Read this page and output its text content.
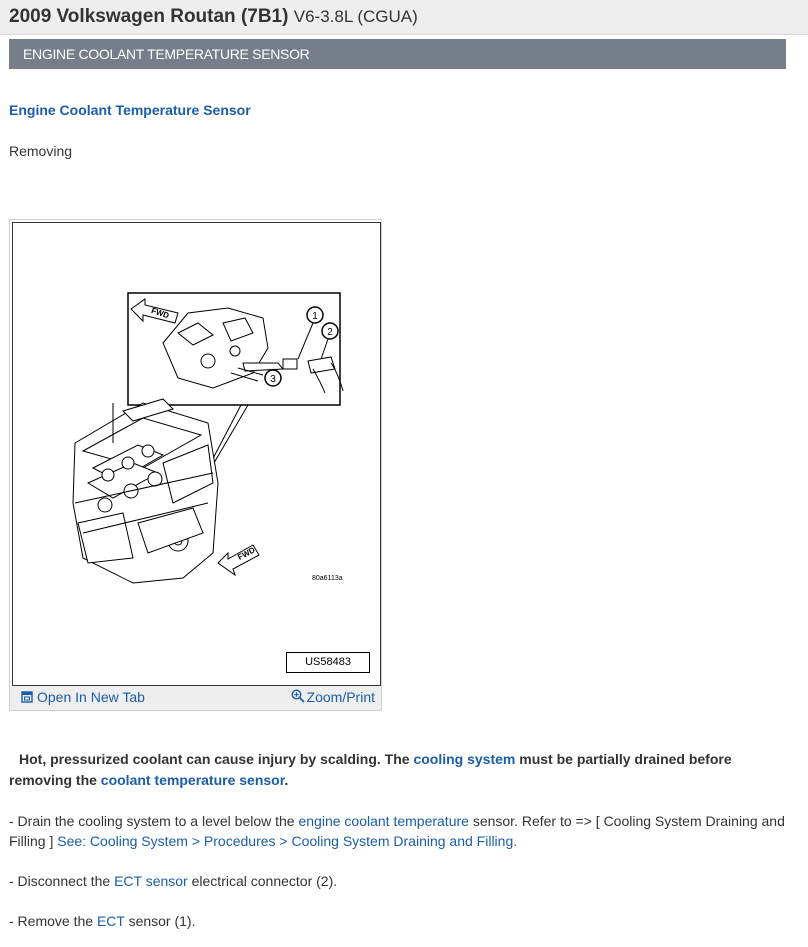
2009 Volkswagen Routan (7B1) V6-3.8L (CGUA)
ENGINE COOLANT TEMPERATURE SENSOR
Engine Coolant Temperature Sensor
Removing
FWD	1
2
3
FWD
80a6113a
US58483
Open In New Tab	Zoom/Print
Hot, pressurized coolant can cause injury by scalding. The cooling system must be partially drained before removing the coolant temperature sensor.
- Drain the cooling system to a level below the engine coolant temperature sensor. Refer to => [ Cooling System Draining and Filling ] See: Cooling System > Procedures > Cooling System Draining and Filling.
- Disconnect the ECT sensor electrical connector (2).
- Remove the ECT sensor (1).
